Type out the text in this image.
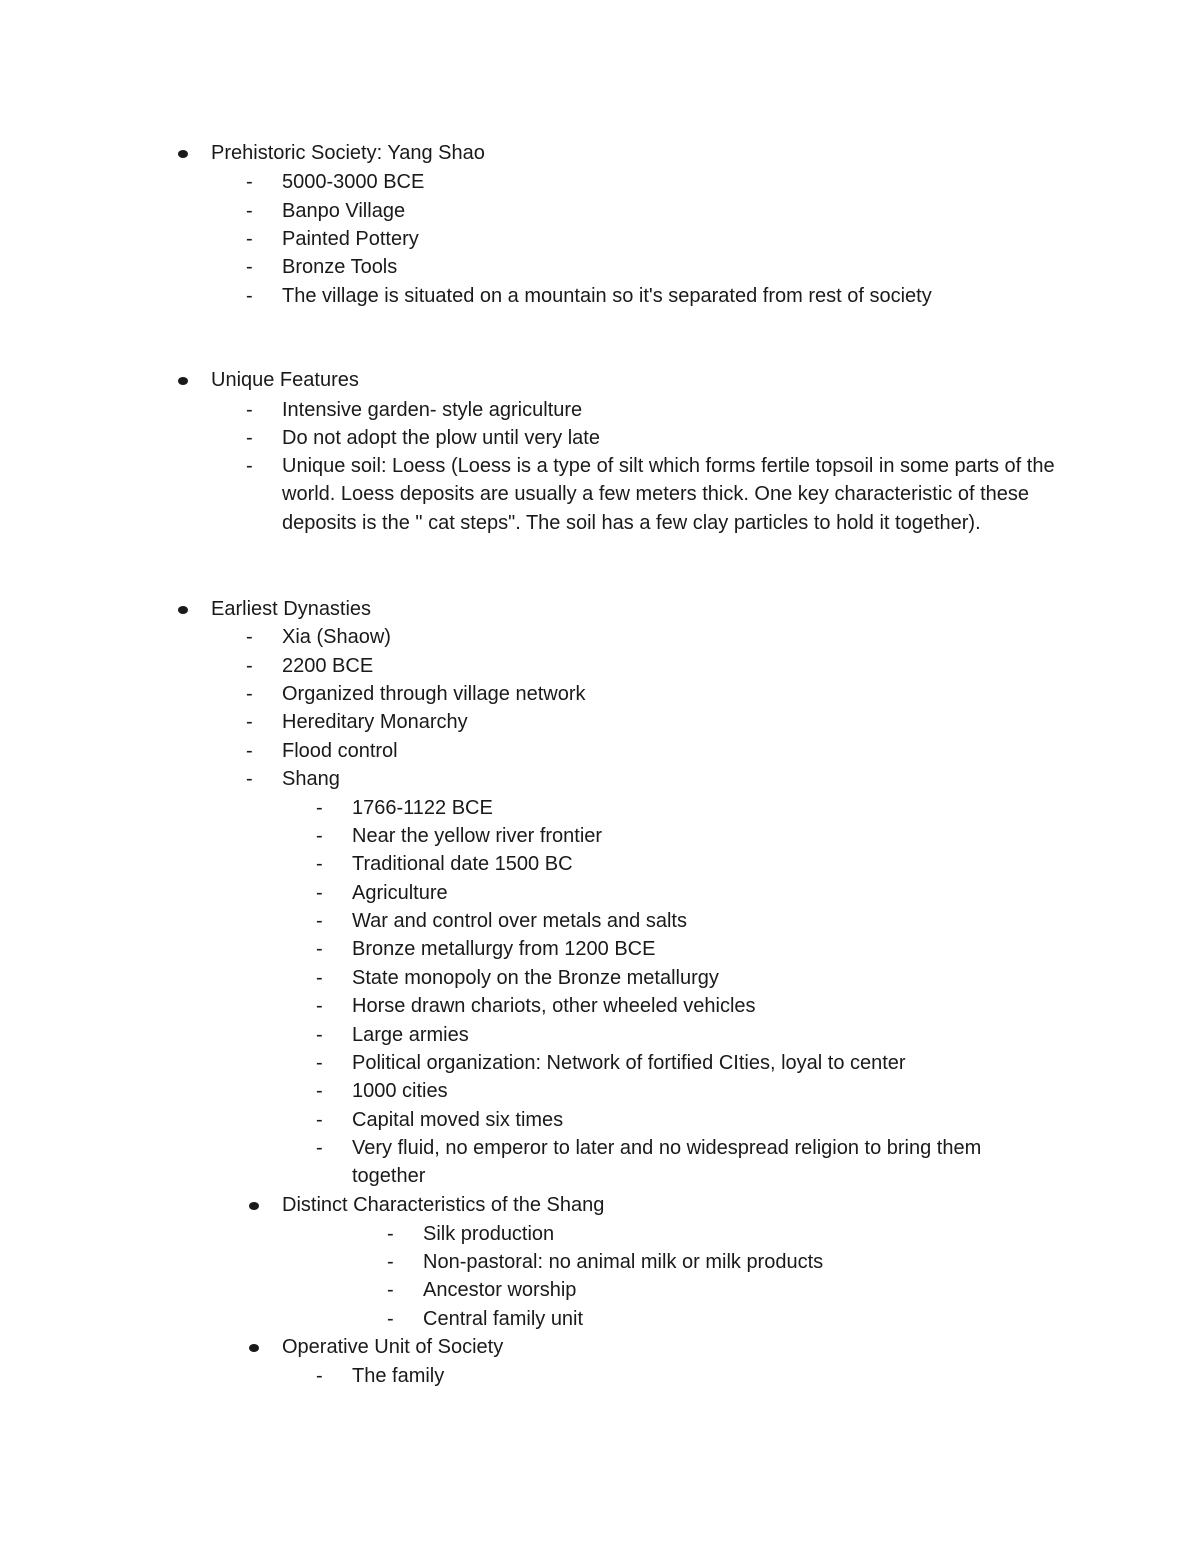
Prehistoric Society: Yang Shao
- 5000-3000 BCE
- Banpo Village
- Painted Pottery
- Bronze Tools
- The village is situated on a mountain so it's separated from rest of society
Unique Features
- Intensive garden- style agriculture
- Do not adopt the plow until very late
- Unique soil: Loess (Loess is a type of silt which forms fertile topsoil in some parts of the world. Loess deposits are usually a few meters thick. One key characteristic of these deposits is the " cat steps". The soil has a few clay particles to hold it together).
Earliest Dynasties
- Xia (Shaow)
- 2200 BCE
- Organized through village network
- Hereditary Monarchy
- Flood control
- Shang
- 1766-1122 BCE
- Near the yellow river frontier
- Traditional date 1500 BC
- Agriculture
- War and control over metals and salts
- Bronze metallurgy from 1200 BCE
- State monopoly on the Bronze metallurgy
- Horse drawn chariots, other wheeled vehicles
- Large armies
- Political organization: Network of fortified CIties, loyal to center
- 1000 cities
- Capital moved six times
- Very fluid, no emperor to later and no widespread religion to bring them together
Distinct Characteristics of the Shang
- Silk production
- Non-pastoral: no animal milk or milk products
- Ancestor worship
- Central family unit
Operative Unit of Society
- The family
